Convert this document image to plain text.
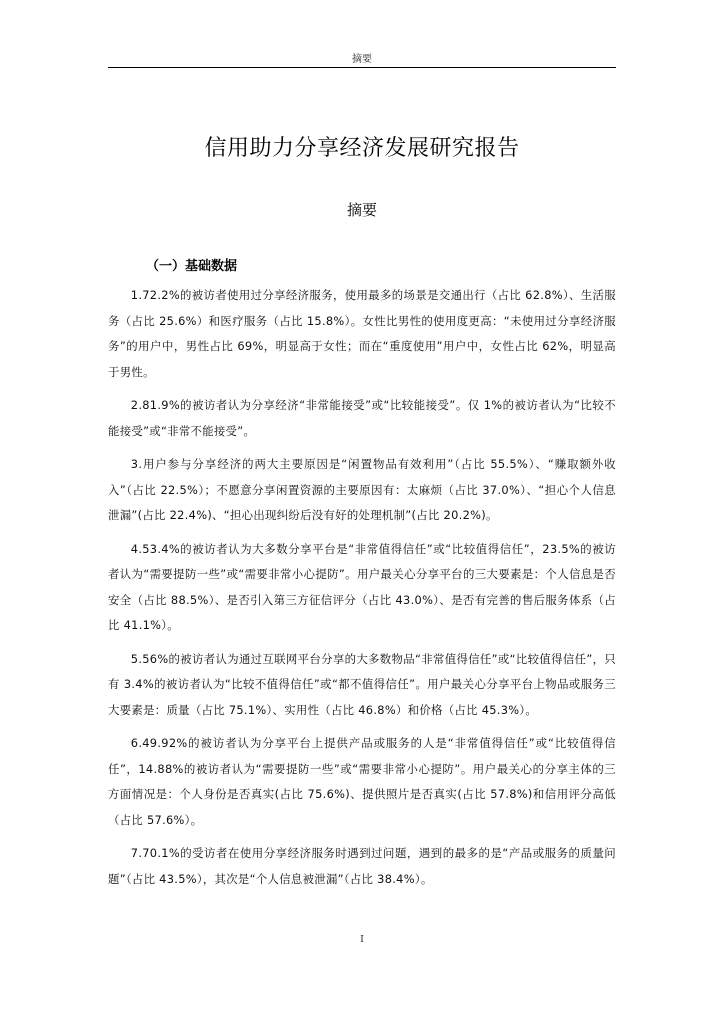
摘要
信用助力分享经济发展研究报告
摘要
（一）基础数据

1.72.2%的被访者使用过分享经济服务，使用最多的场景是交通出行（占比 62.8%）、生活服务（占比 25.6%）和医疗服务（占比 15.8%）。女性比男性的使用度更高：“未使用过分享经济服务”的用户中，男性占比 69%，明显高于女性；而在“重度使用”用户中，女性占比 62%，明显高于男性。

2.81.9%的被访者认为分享经济“非常能接受”或“比较能接受”。仅 1%的被访者认为“比较不能接受”或“非常不能接受”。

3.用户参与分享经济的两大主要原因是“闲置物品有效利用”（占比 55.5%）、“赚取额外收入”（占比 22.5%）；不愿意分享闲置资源的主要原因有：太麻烦（占比 37.0%）、“担心个人信息泄漏”(占比 22.4%)、“担心出现纠纷后没有好的处理机制”(占比 20.2%)。

4.53.4%的被访者认为大多数分享平台是“非常值得信任”或“比较值得信任”，23.5%的被访者认为“需要提防一些”或“需要非常小心提防”。用户最关心分享平台的三大要素是：个人信息是否安全（占比 88.5%）、是否引入第三方征信评分（占比 43.0%）、是否有完善的售后服务体系（占比 41.1%）。

5.56%的被访者认为通过互联网平台分享的大多数物品“非常值得信任”或“比较值得信任”，只有 3.4%的被访者认为“比较不值得信任”或“都不值得信任”。用户最关心分享平台上物品或服务三大要素是：质量（占比 75.1%）、实用性（占比 46.8%）和价格（占比 45.3%）。

6.49.92%的被访者认为分享平台上提供产品或服务的人是“非常值得信任”或“比较值得信任”，14.88%的被访者认为“需要提防一些”或“需要非常小心提防”。用户最关心的分享主体的三方面情况是：个人身份是否真实(占比 75.6%)、提供照片是否真实(占比 57.8%)和信用评分高低（占比 57.6%）。

7.70.1%的受访者在使用分享经济服务时遇到过问题，遇到的最多的是“产品或服务的质量问题”（占比 43.5%），其次是“个人信息被泄漏”（占比 38.4%）。

I
